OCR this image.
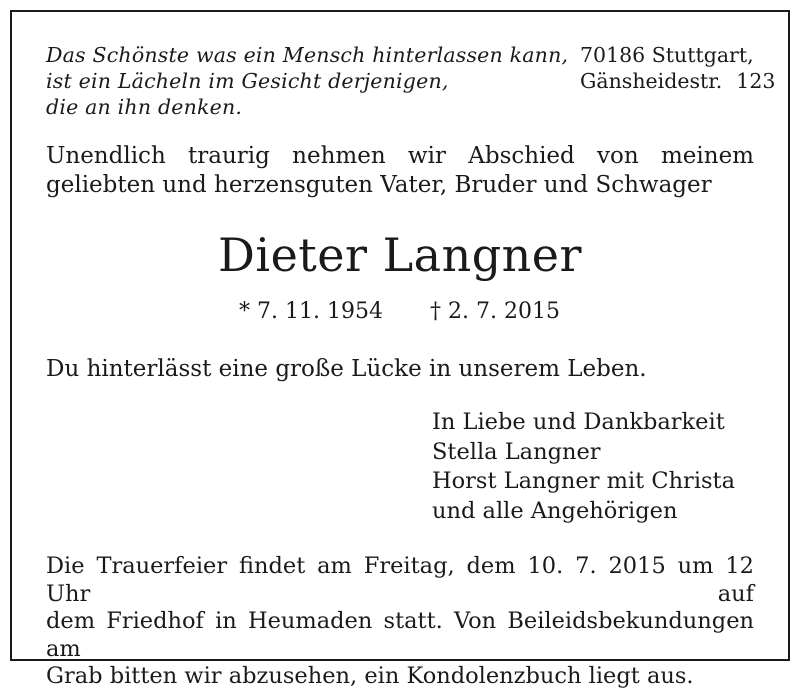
Das Schönste was ein Mensch hinterlassen kann,
ist ein Lächeln im Gesicht derjenigen,
die an ihn denken.
70186 Stuttgart,
Gänsheidestr. 123
Unendlich traurig nehmen wir Abschied von meinem
geliebten und herzensguten Vater, Bruder und Schwager
Dieter Langner
* 7. 11. 1954 † 2. 7. 2015
Du hinterlässt eine große Lücke in unserem Leben.
In Liebe und Dankbarkeit
Stella Langner
Horst Langner mit Christa
und alle Angehörigen
Die Trauerfeier findet am Freitag, dem 10. 7. 2015 um 12 Uhr auf
dem Friedhof in Heumaden statt. Von Beileidsbekundungen am
Grab bitten wir abzusehen, ein Kondolenzbuch liegt aus.
